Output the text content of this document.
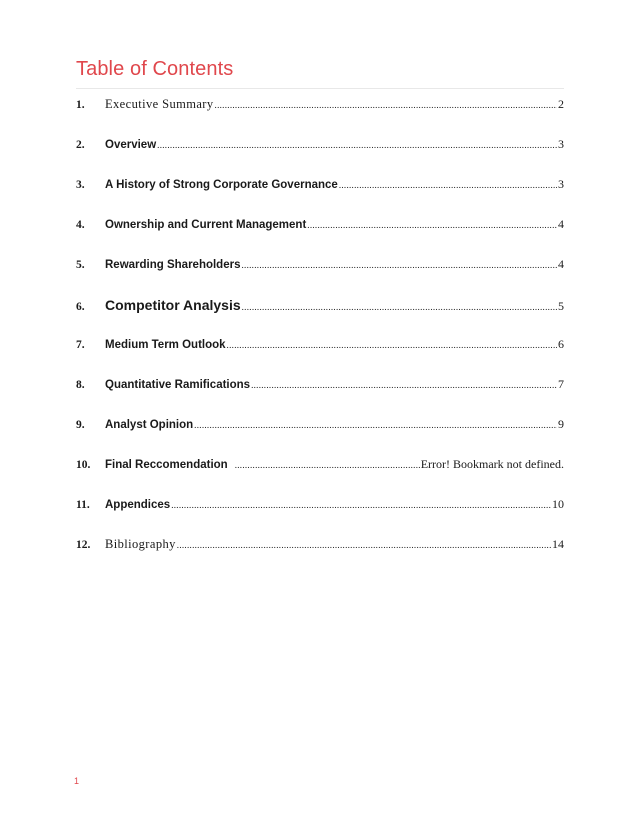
Table of Contents
1.	Executive Summary .....	2
2.	Overview .....	3
3.	A History of Strong Corporate Governance .....	3
4.	Ownership and Current Management .....	4
5.	Rewarding Shareholders .....	4
6.	Competitor Analysis .....	5
7.	Medium Term Outlook .....	6
8.	Quantitative Ramifications .....	7
9.	Analyst Opinion .....	9
10.	Final Reccomendation .....	Error! Bookmark not defined.
11.	Appendices .....	10
12.	Bibliography .....	14
1
